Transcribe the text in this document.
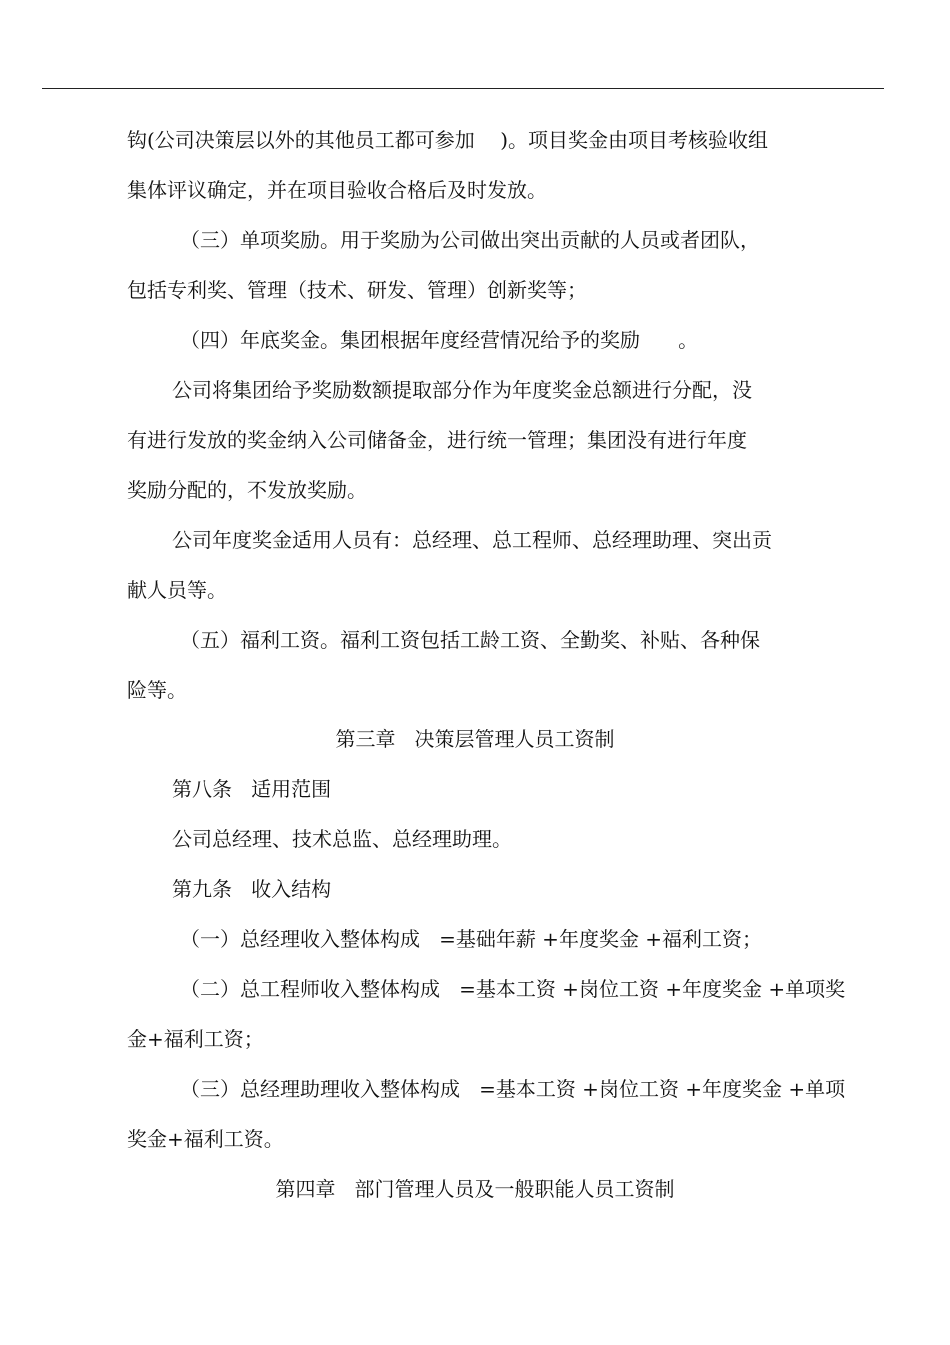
钩(公司决策层以外的其他员工都可参加    )。项目奖金由项目考核验收组
集体评议确定，并在项目验收合格后及时发放。
（三）单项奖励。用于奖励为公司做出突出贡献的人员或者团队，
包括专利奖、管理（技术、研发、管理）创新奖等；
（四）年底奖金。集团根据年度经营情况给予的奖励      。
公司将集团给予奖励数额提取部分作为年度奖金总额进行分配，没
有进行发放的奖金纳入公司储备金，进行统一管理；集团没有进行年度
奖励分配的，不发放奖励。
公司年度奖金适用人员有：总经理、总工程师、总经理助理、突出贡
献人员等。
（五）福利工资。福利工资包括工龄工资、全勤奖、补贴、各种保
险等。
第三章   决策层管理人员工资制
第八条   适用范围
公司总经理、技术总监、总经理助理。
第九条   收入结构
（一）总经理收入整体构成   =基础年薪 +年度奖金 +福利工资；
（二）总工程师收入整体构成   =基本工资 +岗位工资 +年度奖金 +单项奖
金+福利工资；
（三）总经理助理收入整体构成   =基本工资 +岗位工资 +年度奖金 +单项
奖金+福利工资。
第四章   部门管理人员及一般职能人员工资制
